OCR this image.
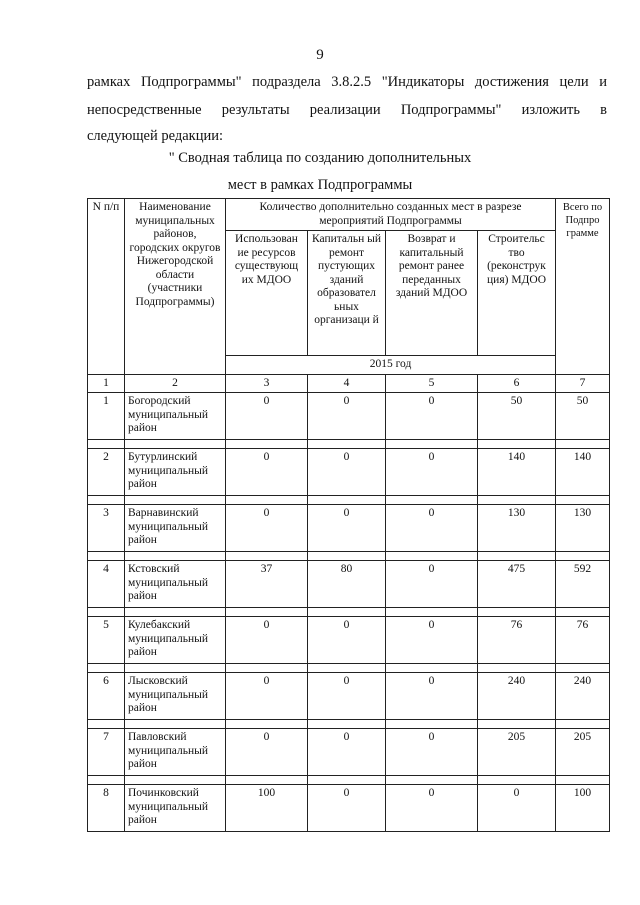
9
рамках Подпрограммы" подраздела 3.8.2.5 "Индикаторы достижения цели и
непосредственные результаты реализации Подпрограммы" изложить в
следующей редакции:
" Сводная таблица по созданию дополнительных
мест в рамках Подпрограммы
N п/п	Наименование муниципальных районов, городских округов Нижегородской области (участники Подпрограммы)	Количество дополнительно созданных мест в разрезе мероприятий Подпрограммы				Всего по Подпро грамме
		Использован ие ресурсов существующ их МДОО	Капитальн ый ремонт пустующих зданий образовател ьных организаци й	Возврат и капитальный ремонт ранее переданных зданий МДОО	Строительс тво (реконструк ция) МДОО	
		2015 год				
1	2	3	4	5	6	7
1	Богородский муниципальный район	0	0	0	50	50

2	Бутурлинский муниципальный район	0	0	0	140	140

3	Варнавинский муниципальный район	0	0	0	130	130

4	Кстовский муниципальный район	37	80	0	475	592

5	Кулебакский муниципальный район	0	0	0	76	76

6	Лысковский муниципальный район	0	0	0	240	240

7	Павловский муниципальный район	0	0	0	205	205

8	Починковский муниципальный район	100	0	0	0	100
